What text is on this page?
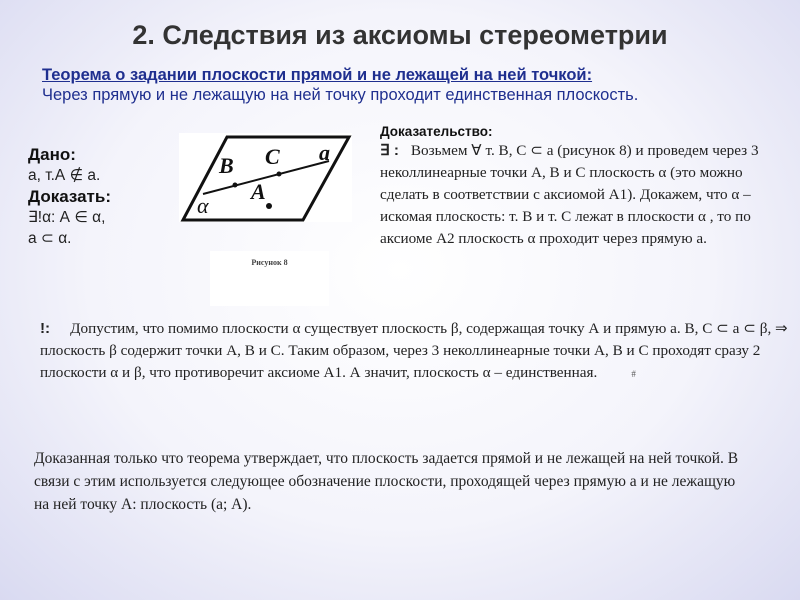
2. Следствия из аксиомы стереометрии
Теорема о задании плоскости прямой и не лежащей на ней точкой:
Через прямую и не лежащую на ней точку проходит единственная плоскость.
Дано:
а, т.А ∉ а.
Доказать:
∃!α: А ∈ α,
а ⊂ α.
B C a
A
α
Рисунок 8
Доказательство:
∃ : Возьмем ∀ т. В, С ⊂ а (рисунок 8) и проведем через 3 неколлинеарные точки А, В и С плоскость α (это можно сделать в соответствии с аксиомой А1). Докажем, что α – искомая плоскость: т. В и т. С лежат в плоскости α , то по аксиоме А2 плоскость α проходит через прямую а.
!: Допустим, что помимо плоскости α существует плоскость β, содержащая точку А и прямую а. В, С ⊂ а ⊂ β, ⇒ плоскость β содержит точки А, В и С. Таким образом, через 3 неколлинеарные точки А, В и С проходят сразу 2 плоскости α и β, что противоречит аксиоме А1. А значит, плоскость α – единственная.	#
Доказанная только что теорема утверждает, что плоскость задается прямой и не лежащей на ней точкой. В связи с этим используется следующее обозначение плоскости, проходящей через прямую а и не лежащую на ней точку А: плоскость (а; А).
